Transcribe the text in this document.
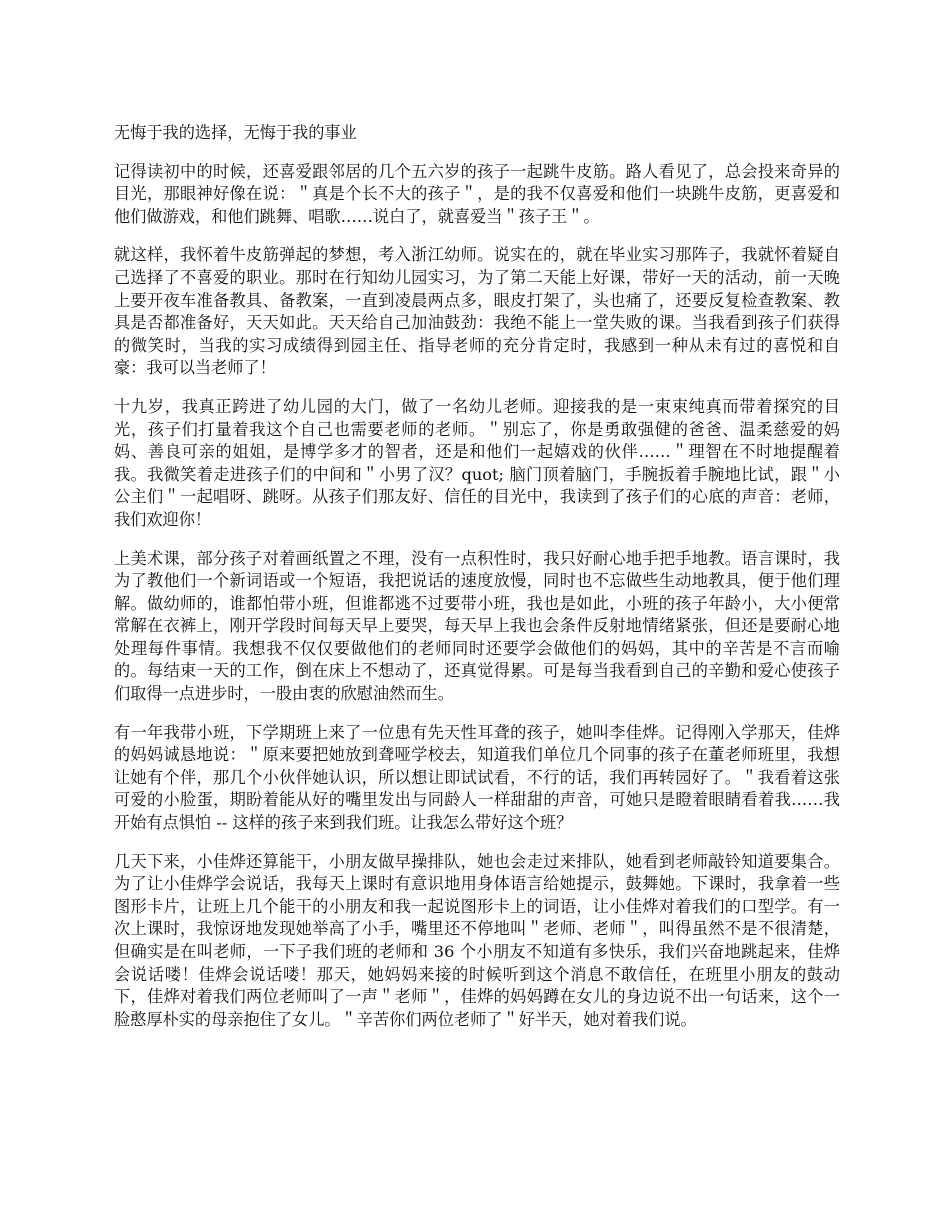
无悔于我的选择，无悔于我的事业

记得读初中的时候，还喜爱跟邻居的几个五六岁的孩子一起跳牛皮筋。路人看见了，总会投来奇异的目光，那眼神好像在说：＂真是个长不大的孩子＂，是的我不仅喜爱和他们一块跳牛皮筋，更喜爱和他们做游戏，和他们跳舞、唱歌……说白了，就喜爱当＂孩子王＂。

就这样，我怀着牛皮筋弹起的梦想，考入浙江幼师。说实在的，就在毕业实习那阵子，我就怀着疑自己选择了不喜爱的职业。那时在行知幼儿园实习，为了第二天能上好课，带好一天的活动，前一天晚上要开夜车准备教具、备教案，一直到凌晨两点多，眼皮打架了，头也痛了，还要反复检查教案、教具是否都准备好，天天如此。天天给自己加油鼓劲：我绝不能上一堂失败的课。当我看到孩子们获得的微笑时，当我的实习成绩得到园主任、指导老师的充分肯定时，我感到一种从未有过的喜悦和自豪：我可以当老师了！

十九岁，我真正跨进了幼儿园的大门，做了一名幼儿老师。迎接我的是一束束纯真而带着探究的目光，孩子们打量着我这个自己也需要老师的老师。＂别忘了，你是勇敢强健的爸爸、温柔慈爱的妈妈、善良可亲的姐姐，是博学多才的智者，还是和他们一起嬉戏的伙伴……＂理智在不时地提醒着我。我微笑着走进孩子们的中间和＂小男了汉？quot; 脑门顶着脑门，手腕扳着手腕地比试，跟＂小公主们＂一起唱呀、跳呀。从孩子们那友好、信任的目光中，我读到了孩子们的心底的声音：老师，我们欢迎你！

上美术课，部分孩子对着画纸置之不理，没有一点积性时，我只好耐心地手把手地教。语言课时，我为了教他们一个新词语或一个短语，我把说话的速度放慢，同时也不忘做些生动地教具，便于他们理解。做幼师的，谁都怕带小班，但谁都逃不过要带小班，我也是如此，小班的孩子年龄小，大小便常常解在衣裤上，刚开学段时间每天早上要哭，每天早上我也会条件反射地情绪紧张，但还是要耐心地处理每件事情。我想我不仅仅要做他们的老师同时还要学会做他们的妈妈，其中的辛苦是不言而喻的。每结束一天的工作，倒在床上不想动了，还真觉得累。可是每当我看到自己的辛勤和爱心使孩子们取得一点进步时，一股由衷的欣慰油然而生。

有一年我带小班，下学期班上来了一位患有先天性耳聋的孩子，她叫李佳烨。记得刚入学那天，佳烨的妈妈诚恳地说：＂原来要把她放到聋哑学校去，知道我们单位几个同事的孩子在董老师班里，我想让她有个伴，那几个小伙伴她认识，所以想让即试试看，不行的话，我们再转园好了。＂我看着这张可爱的小脸蛋，期盼着能从好的嘴里发出与同龄人一样甜甜的声音，可她只是瞪着眼睛看着我……我开始有点惧怕 -- 这样的孩子来到我们班。让我怎么带好这个班？

几天下来，小佳烨还算能干，小朋友做早操排队，她也会走过来排队，她看到老师敲铃知道要集合。为了让小佳烨学会说话，我每天上课时有意识地用身体语言给她提示，鼓舞她。下课时，我拿着一些图形卡片，让班上几个能干的小朋友和我一起说图形卡上的词语，让小佳烨对着我们的口型学。有一次上课时，我惊讶地发现她举高了小手，嘴里还不停地叫＂老师、老师＂，叫得虽然不是不很清楚，但确实是在叫老师，一下子我们班的老师和 36 个小朋友不知道有多快乐，我们兴奋地跳起来，佳烨会说话喽！佳烨会说话喽！那天，她妈妈来接的时候听到这个消息不敢信任，在班里小朋友的鼓动下，佳烨对着我们两位老师叫了一声＂老师＂，佳烨的妈妈蹲在女儿的身边说不出一句话来，这个一脸憨厚朴实的母亲抱住了女儿。＂辛苦你们两位老师了＂好半天，她对着我们说。
